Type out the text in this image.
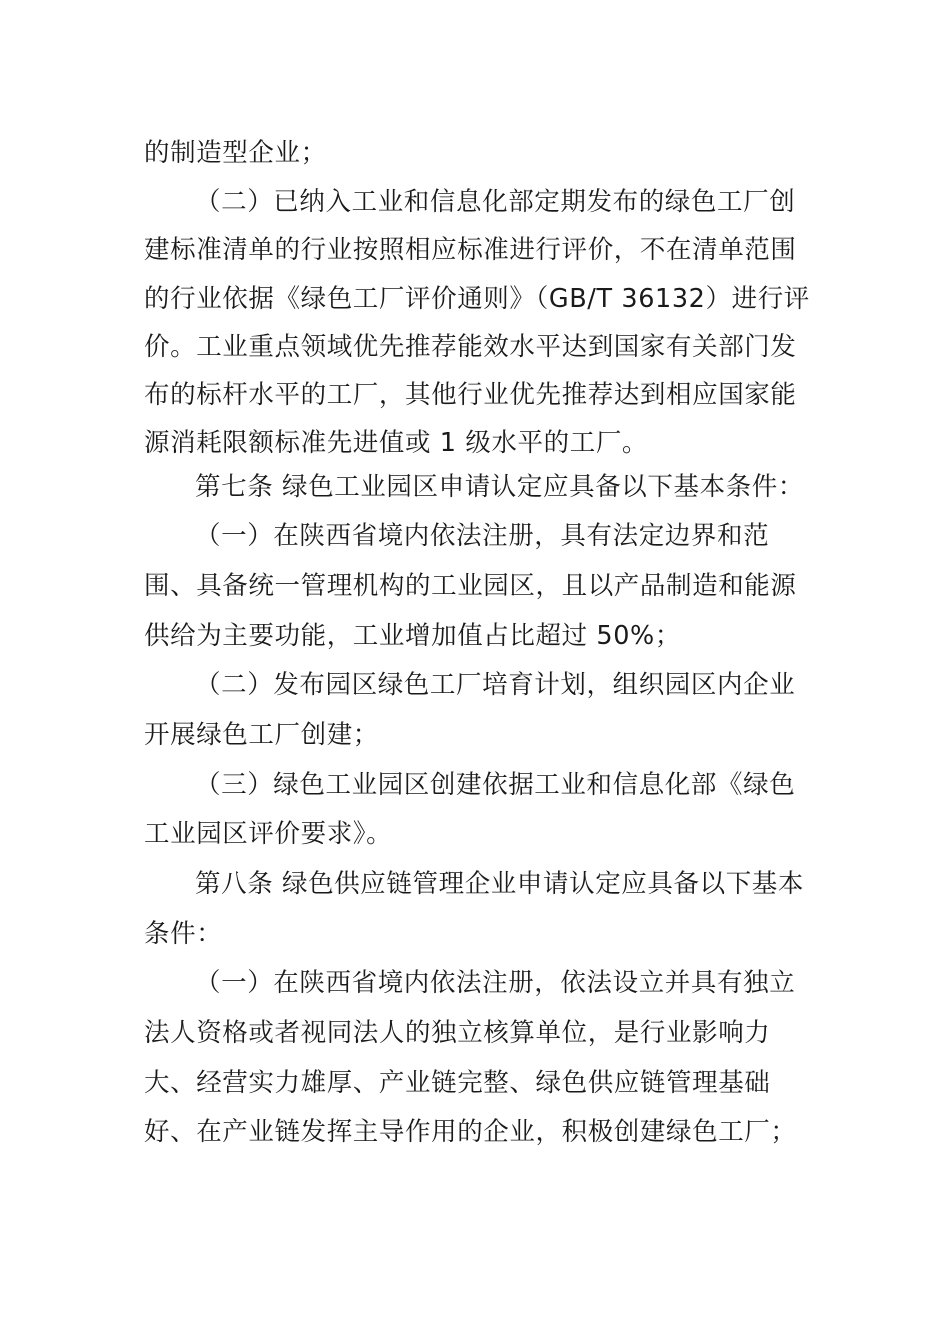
的制造型企业；
（二）已纳入工业和信息化部定期发布的绿色工厂创
建标准清单的行业按照相应标准进行评价，不在清单范围
的行业依据《绿色工厂评价通则》（GB/T 36132）进行评
价。工业重点领域优先推荐能效水平达到国家有关部门发
布的标杆水平的工厂，其他行业优先推荐达到相应国家能
源消耗限额标准先进值或 1 级水平的工厂。
第七条 绿色工业园区申请认定应具备以下基本条件：
（一）在陕西省境内依法注册，具有法定边界和范
围、具备统一管理机构的工业园区，且以产品制造和能源
供给为主要功能，工业增加值占比超过 50%；
（二）发布园区绿色工厂培育计划，组织园区内企业
开展绿色工厂创建；
（三）绿色工业园区创建依据工业和信息化部《绿色
工业园区评价要求》。
第八条 绿色供应链管理企业申请认定应具备以下基本
条件：
（一）在陕西省境内依法注册，依法设立并具有独立
法人资格或者视同法人的独立核算单位，是行业影响力
大、经营实力雄厚、产业链完整、绿色供应链管理基础
好、在产业链发挥主导作用的企业，积极创建绿色工厂；
